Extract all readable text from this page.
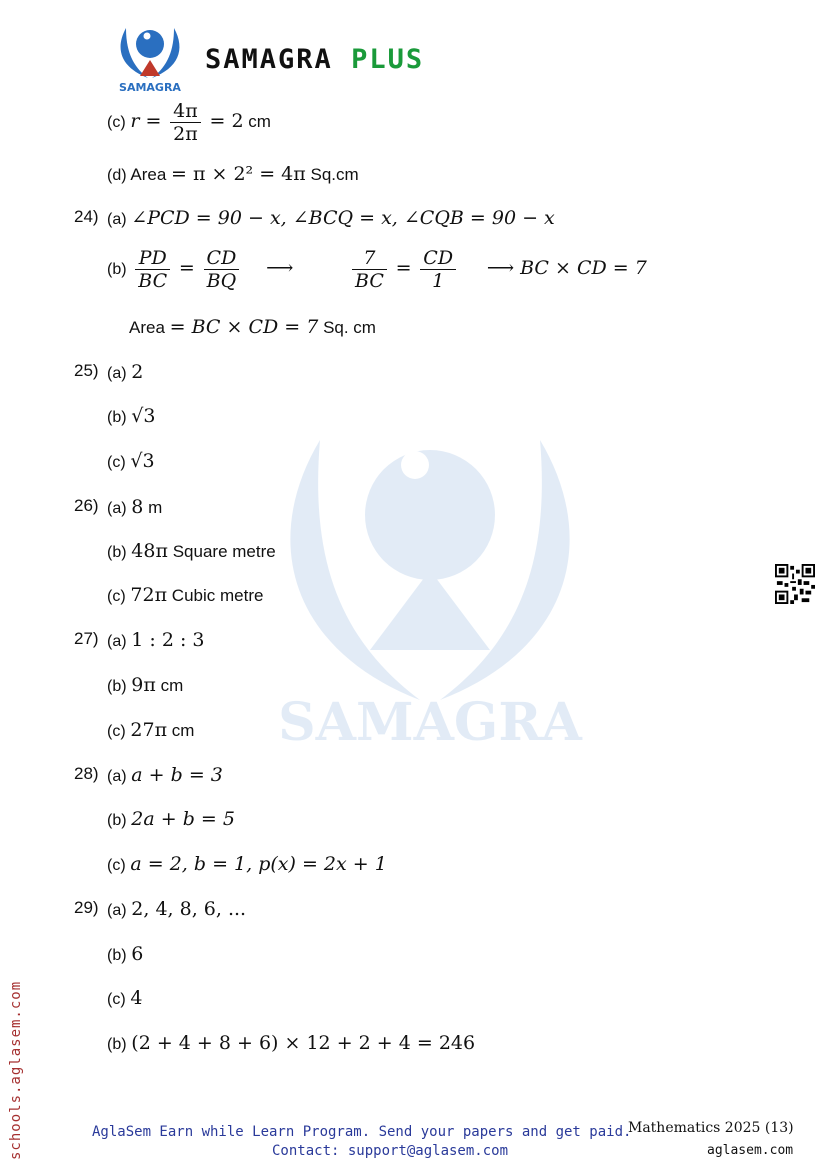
SAMAGRA
SAMAGRA
SAMAGRA PLUS
(c) $r = \frac{4\pi}{2\pi} = 2$ cm
(d) Area = π × 2² = 4π Sq.cm
24) (a) ∠PCD = 90 − x, ∠BCQ = x, ∠CQB = 90 − x
$(b) \frac{PD}{BC} = \frac{CD}{BQ}$ ⟶	$\frac{7}{BC} = \frac{CD}{1}$ ⟶ BC × CD = 7
Area = BC × CD = 7 Sq. cm
25) (a) 2
(b) √3
(c) √3
26) (a) 8 m
(b) 48π Square metre
(c) 72π Cubic metre
27) (a) 1 : 2 : 3
(b) 9π cm
(c) 27π cm
28) (a) a + b = 3
(b) 2a + b = 5
(c) a = 2, b = 1, p(x) = 2x + 1
29) (a) 2, 4, 8, 6, ...
(b) 6
(c) 4
(b) (2 + 4 + 8 + 6) × 12 + 2 + 4 = 246
schools.aglasem.com	Mathematics 2025 (13)
AglaSem Earn while Learn Program. Send your papers and get paid.
Contact: support@aglasem.com	aglasem.com
